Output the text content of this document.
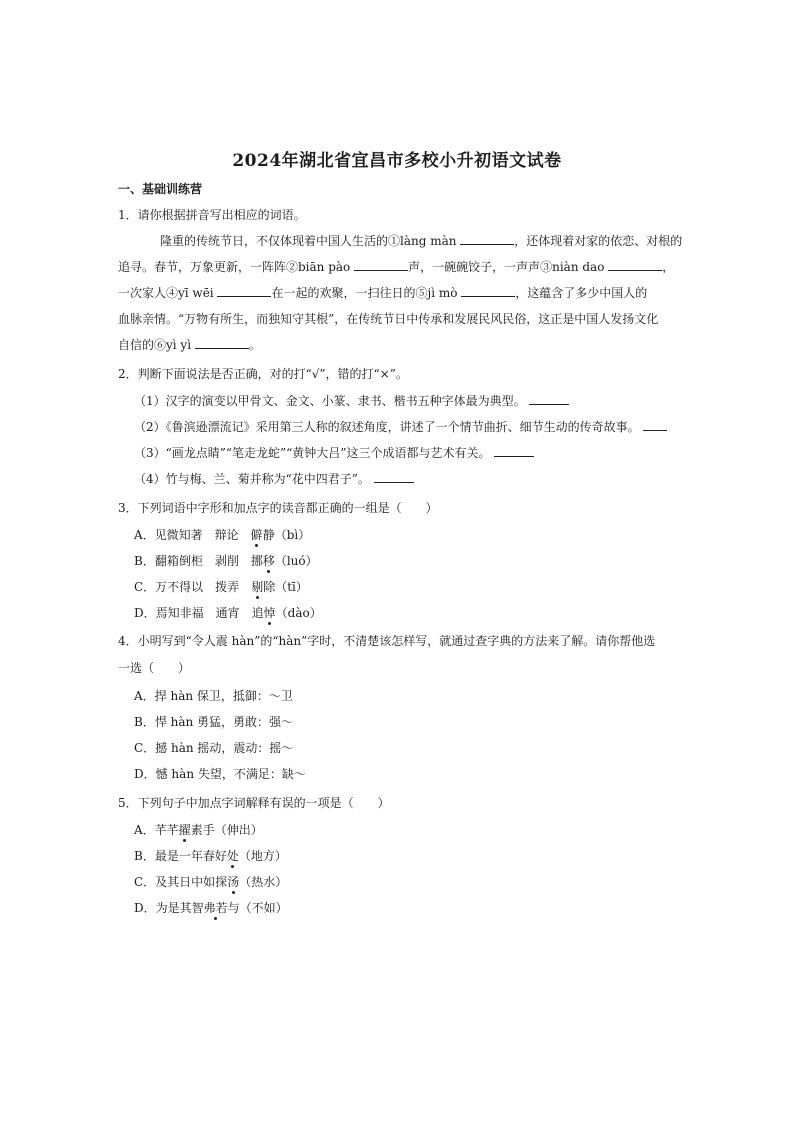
2024年湖北省宜昌市多校小升初语文试卷

一、基础训练营

1．请你根据拼音写出相应的词语。

隆重的传统节日，不仅体现着中国人生活的①làng màn	，还体现着对家的依恋、对根的

追寻。春节，万象更新，一阵阵②biān pào	声，一碗碗饺子，一声声③niàn dao	，

一次家人④yī wēi	在一起的欢聚，一扫往日的⑤jì mò	，这蕴含了多少中国人的

血脉亲情。“万物有所生，而独知守其根”，在传统节日中传承和发展民风民俗，这正是中国人发扬文化

自信的⑥yì yì	。

2．判断下面说法是否正确，对的打“√”，错的打“×”。

（1）汉字的演变以甲骨文、金文、小篆、隶书、楷书五种字体最为典型。

（2）《鲁滨逊漂流记》采用第三人称的叙述角度，讲述了一个情节曲折、细节生动的传奇故事。

（3）“画龙点睛”“笔走龙蛇”“黄钟大吕”这三个成语都与艺术有关。

（4）竹与梅、兰、菊并称为“花中四君子”。

3．下列词语中字形和加点字的读音都正确的一组是（　　）

A．见微知著　辩论　僻静（bì）

B．翻箱倒柜　剥削　挪移（luó）

C．万不得以　拨弄　剔除（tī）

D．焉知非福　通宵　追悼（dào）

4．小明写到“令人震 hàn”的“hàn”字时，不清楚该怎样写，就通过查字典的方法来了解。请你帮他选

一选（　　）

A．捍 hàn 保卫，抵御：～卫

B．悍 hàn 勇猛，勇敢：强～

C．撼 hàn 摇动，震动：摇～

D．憾 hàn 失望，不满足：缺～

5．下列句子中加点字词解释有误的一项是（　　）

A．芊芊擢素手（伸出）

B．最是一年春好处（地方）

C．及其日中如探汤（热水）

D．为是其智弗若与（不如）
